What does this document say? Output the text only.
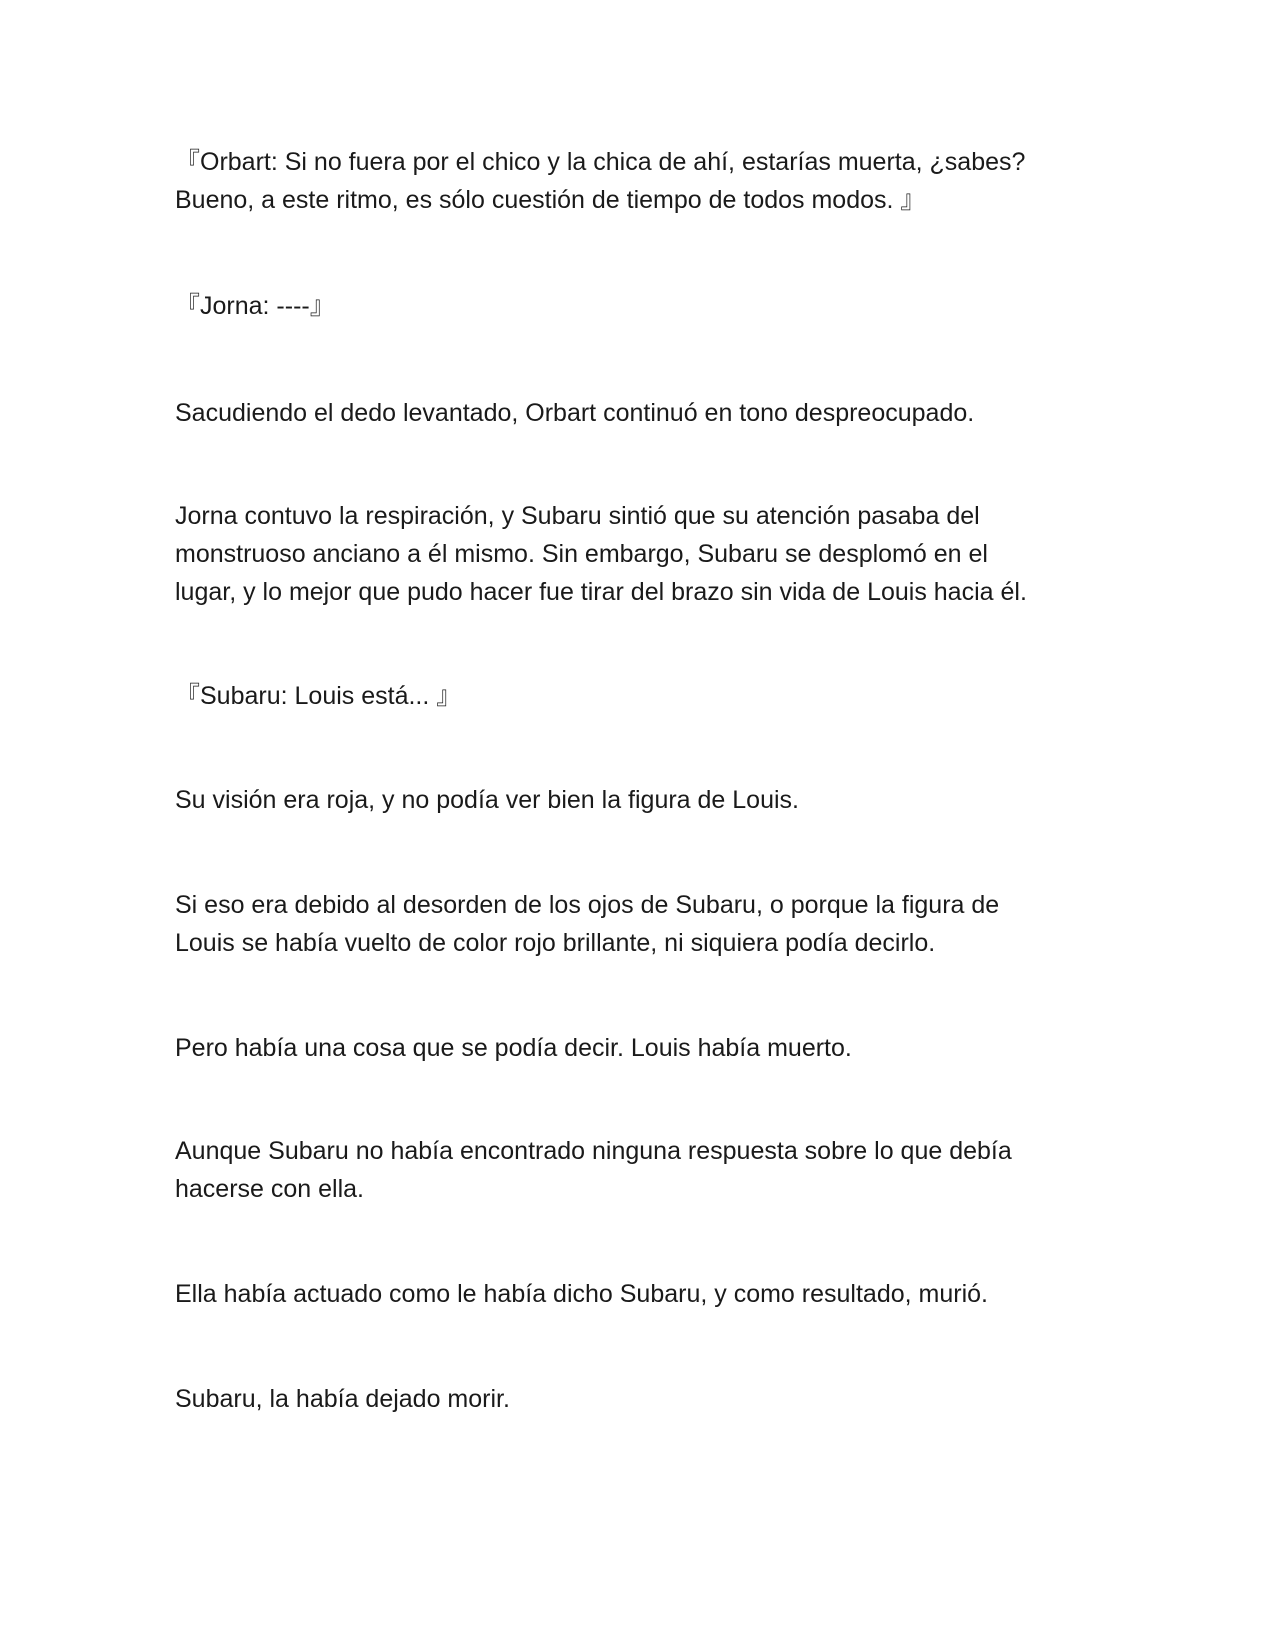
『Orbart: Si no fuera por el chico y la chica de ahí, estarías muerta, ¿sabes?
Bueno, a este ritmo, es sólo cuestión de tiempo de todos modos. 』

『Jorna: ----』

Sacudiendo el dedo levantado, Orbart continuó en tono despreocupado.

Jorna contuvo la respiración, y Subaru sintió que su atención pasaba del
monstruoso anciano a él mismo. Sin embargo, Subaru se desplomó en el
lugar, y lo mejor que pudo hacer fue tirar del brazo sin vida de Louis hacia él.

『Subaru: Louis está... 』

Su visión era roja, y no podía ver bien la figura de Louis.

Si eso era debido al desorden de los ojos de Subaru, o porque la figura de
Louis se había vuelto de color rojo brillante, ni siquiera podía decirlo.

Pero había una cosa que se podía decir. Louis había muerto.

Aunque Subaru no había encontrado ninguna respuesta sobre lo que debía
hacerse con ella.

Ella había actuado como le había dicho Subaru, y como resultado, murió.

Subaru, la había dejado morir.
